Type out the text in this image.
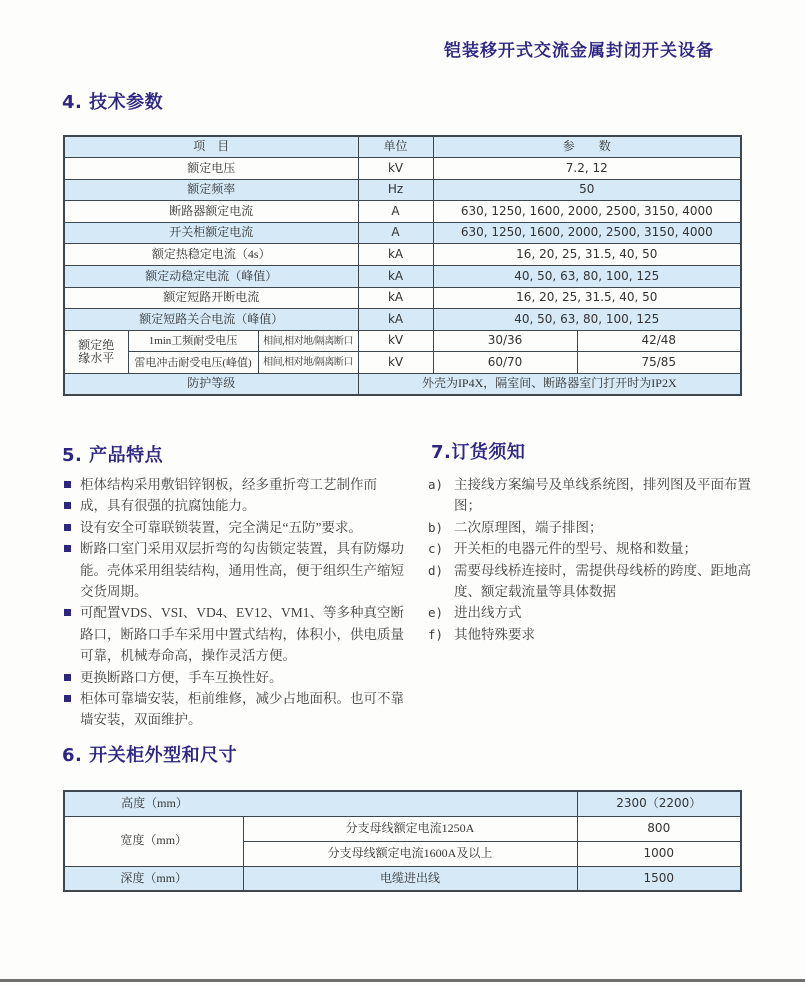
铠装移开式交流金属封闭开关设备
4. 技术参数
项　目			单位	参　　数	
额定电压			kV	7.2, 12	
额定频率			Hz	50	
断路器额定电流			A	630, 1250, 1600, 2000, 2500, 3150, 4000	
开关柜额定电流			A	630, 1250, 1600, 2000, 2500, 3150, 4000	
额定热稳定电流（4s）			kA	16, 20, 25, 31.5, 40, 50	
额定动稳定电流（峰值）			kA	40, 50, 63, 80, 100, 125	
额定短路开断电流			kA	16, 20, 25, 31.5, 40, 50	
额定短路关合电流（峰值）			kA	40, 50, 63, 80, 100, 125	
额定绝缘水平	1min工频耐受电压	相间,相对地/隔离断口	kV	30/36	42/48
	雷电冲击耐受电压(峰值)	相间,相对地/隔离断口	kV	60/70	75/85
防护等级			外壳为IP4X，隔室间、断路器室门打开时为IP2X		
5. 产品特点
柜体结构采用敷铝锌钢板，经多重折弯工艺制作而
成，具有很强的抗腐蚀能力。
设有安全可靠联锁装置，完全满足“五防”要求。
断路口室门采用双层折弯的勾齿锁定装置，具有防爆功能。壳体采用组装结构，通用性高，便于组织生产缩短交货周期。
可配置VDS、VSI、VD4、EV12、VM1、等多种真空断路口，断路口手车采用中置式结构，体积小，供电质量可靠，机械寿命高，操作灵活方便。
更换断路口方便，手车互换性好。
柜体可靠墙安装，柜前维修，减少占地面积。也可不靠墙安装，双面维护。
7.订货须知
a) 主接线方案编号及单线系统图，排列图及平面布置图；
b) 二次原理图，端子排图；
c) 开关柜的电器元件的型号、规格和数量；
d) 需要母线桥连接时，需提供母线桥的跨度、距地高度、额定载流量等具体数据
e) 进出线方式
f) 其他特殊要求
6. 开关柜外型和尺寸
高度（mm）		2300（2200）
宽度（mm）	分支母线额定电流1250A	800
	分支母线额定电流1600A及以上	1000
深度（mm）	电缆进出线	1500
